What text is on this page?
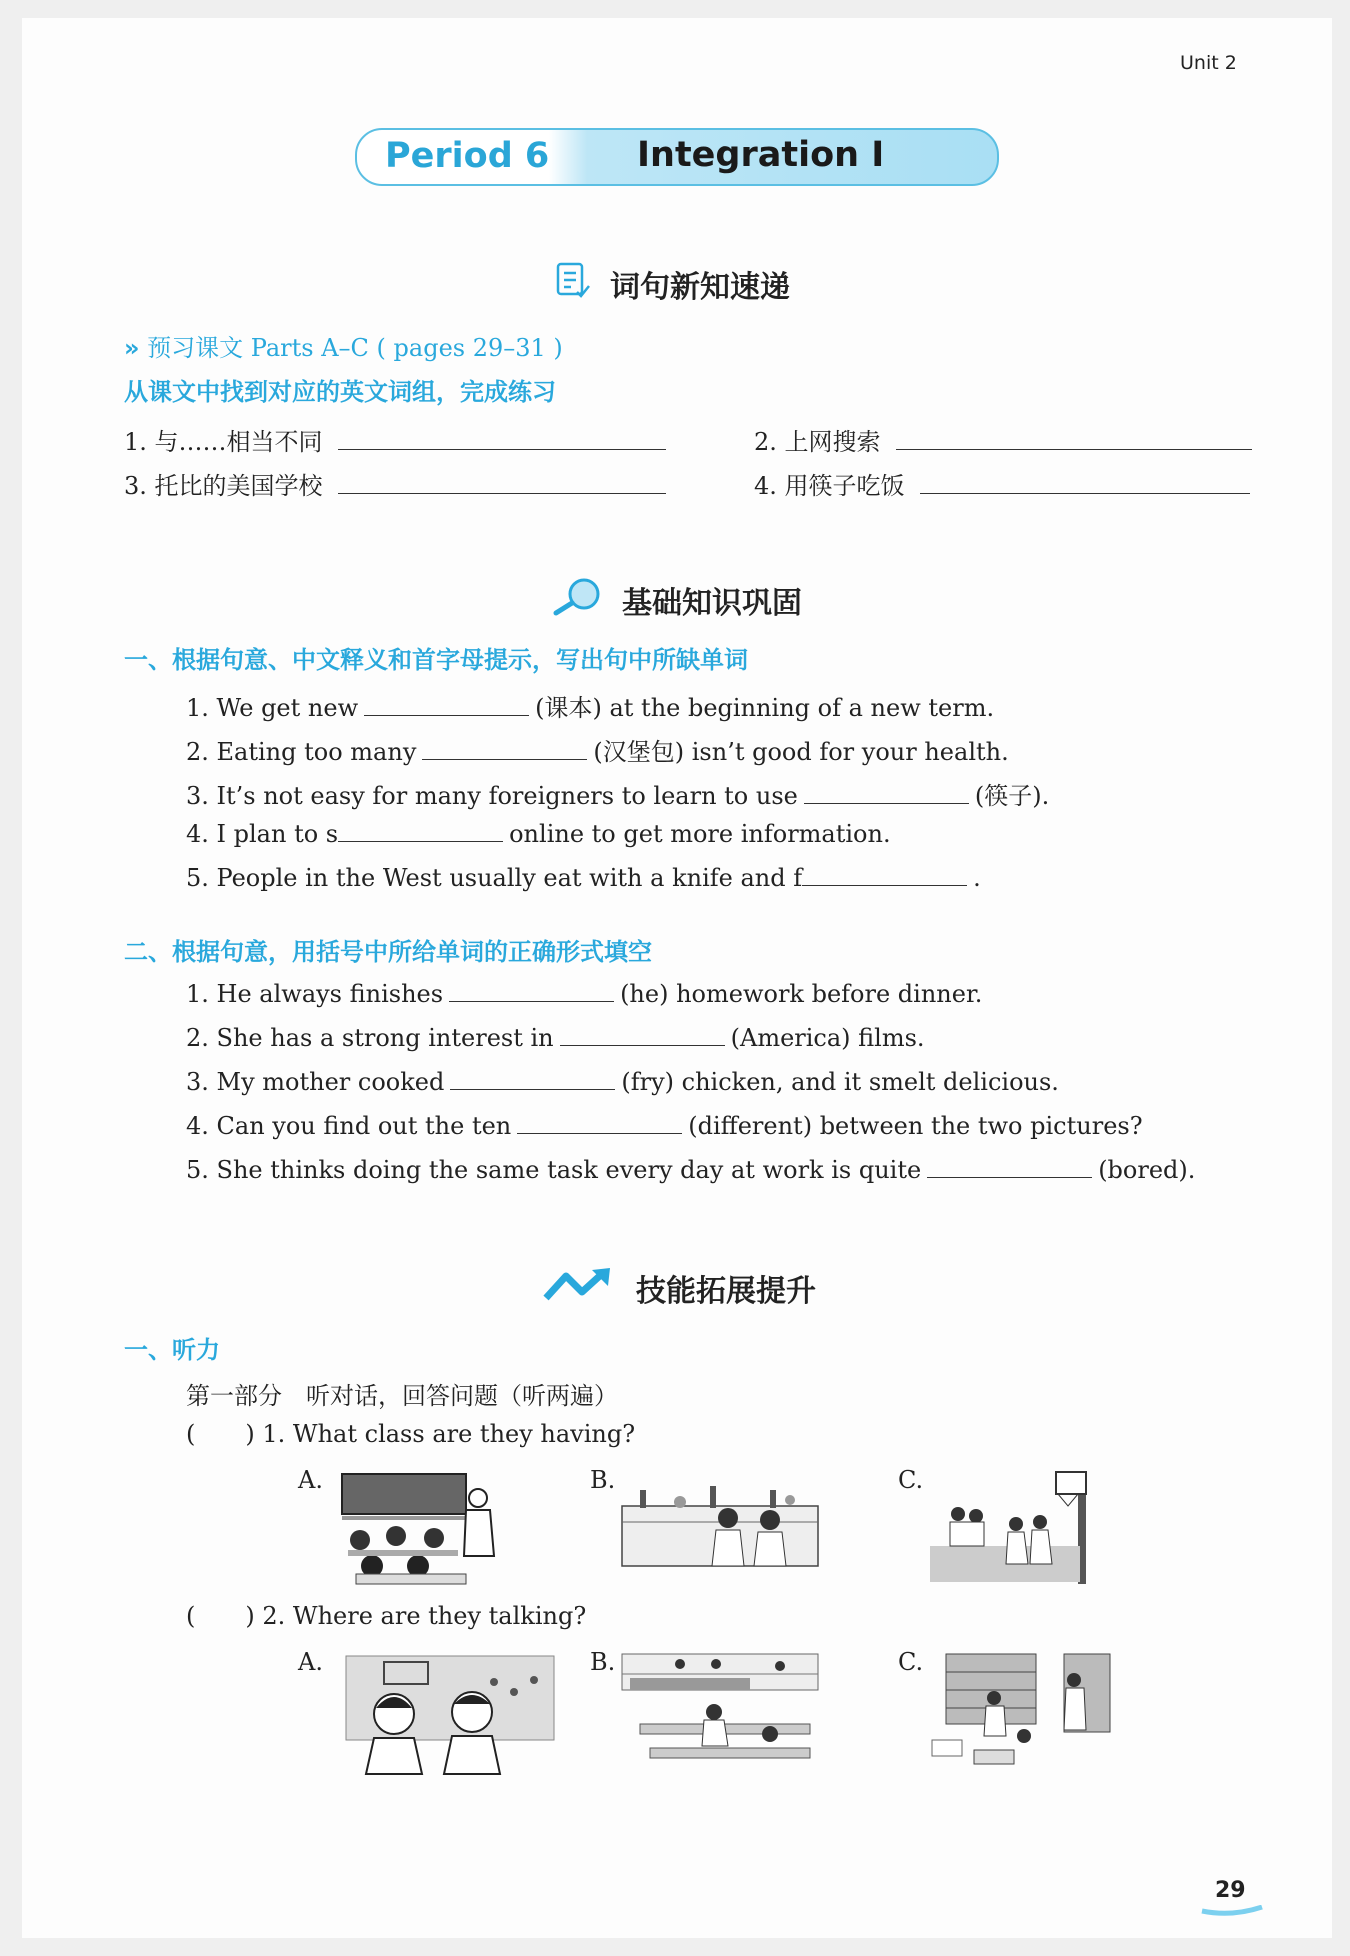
Unit 2
Period 6	Integration I
词句新知速递
» 预习课文 Parts A–C ( pages 29–31 )
从课文中找到对应的英文词组，完成练习
1. 与……相当不同	2. 上网搜索
3. 托比的美国学校	4. 用筷子吃饭
基础知识巩固
一、根据句意、中文释义和首字母提示，写出句中所缺单词
1. We get new	(课本) at the beginning of a new term.
2. Eating too many	(汉堡包) isn’t good for your health.
3. It’s not easy for many foreigners to learn to use	(筷子).
4. I plan to s	online to get more information.
5. People in the West usually eat with a knife and f	.
二、根据句意，用括号中所给单词的正确形式填空
1. He always finishes	(he) homework before dinner.
2. She has a strong interest in	(America) films.
3. My mother cooked	(fry) chicken, and it smelt delicious.
4. Can you find out the ten	(different) between the two pictures?
5. She thinks doing the same task every day at work is quite	(bored).
技能拓展提升
一、听力
第一部分　听对话，回答问题（听两遍）
( ) 1. What class are they having?
A.	B.	C.
( ) 2. Where are they talking?
A.	B.	C.
29
